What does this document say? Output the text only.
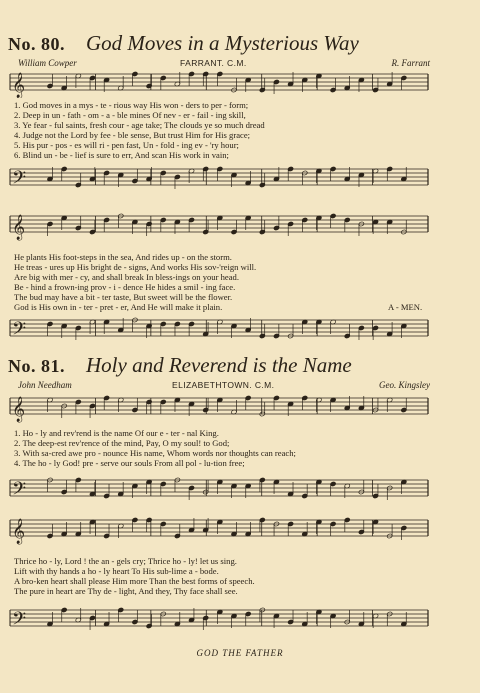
No. 80. God Moves in a Mysterious Way
William Cowper	FARRANT. C.M.	R. Farrant
𝄞
1. God moves in a mys - te - rious way His won - ders to per - form;
2. Deep in un - fath - om - a - ble mines Of nev - er - fail - ing skill,
3. Ye fear - ful saints, fresh cour - age take; The clouds ye so much dread
4. Judge not the Lord by fee - ble sense, But trust Him for His grace;
5. His pur - pos - es will ri - pen fast, Un - fold - ing ev - 'ry hour;
6. Blind un - be - lief is sure to err, And scan His work in vain;
𝄢
𝄞
He plants His foot-steps in the sea, And rides up - on the storm.
He treas - ures up His bright de - signs, And works His sov-'reign will.
Are big with mer - cy, and shall break In bless-ings on your head.
Be - hind a frown-ing prov - i - dence He hides a smil - ing face.
The bud may have a bit - ter taste, But sweet will be the flower.
God is His own in - ter - pret - er, And He will make it plain.	A - MEN.
𝄢
No. 81. Holy and Reverend is the Name
John Needham	ELIZABETHTOWN. C.M.	Geo. Kingsley
𝄞
1. Ho - ly and rev'rend is the name Of our e - ter - nal King.
2. The deep-est rev'rence of the mind, Pay, O my soul! to God;
3. With sa-cred awe pro - nounce His name, Whom words nor thoughts can reach;
4. The ho - ly God! pre - serve our souls From all pol - lu-tion free;
𝄢
𝄞
Thrice ho - ly, Lord ! the an - gels cry; Thrice ho - ly! let us sing.
Lift with thy hands a ho - ly heart To His sub-lime a - bode.
A bro-ken heart shall please Him more Than the best forms of speech.
The pure in heart are Thy de - light, And they, Thy face shall see.
𝄢
GOD THE FATHER
